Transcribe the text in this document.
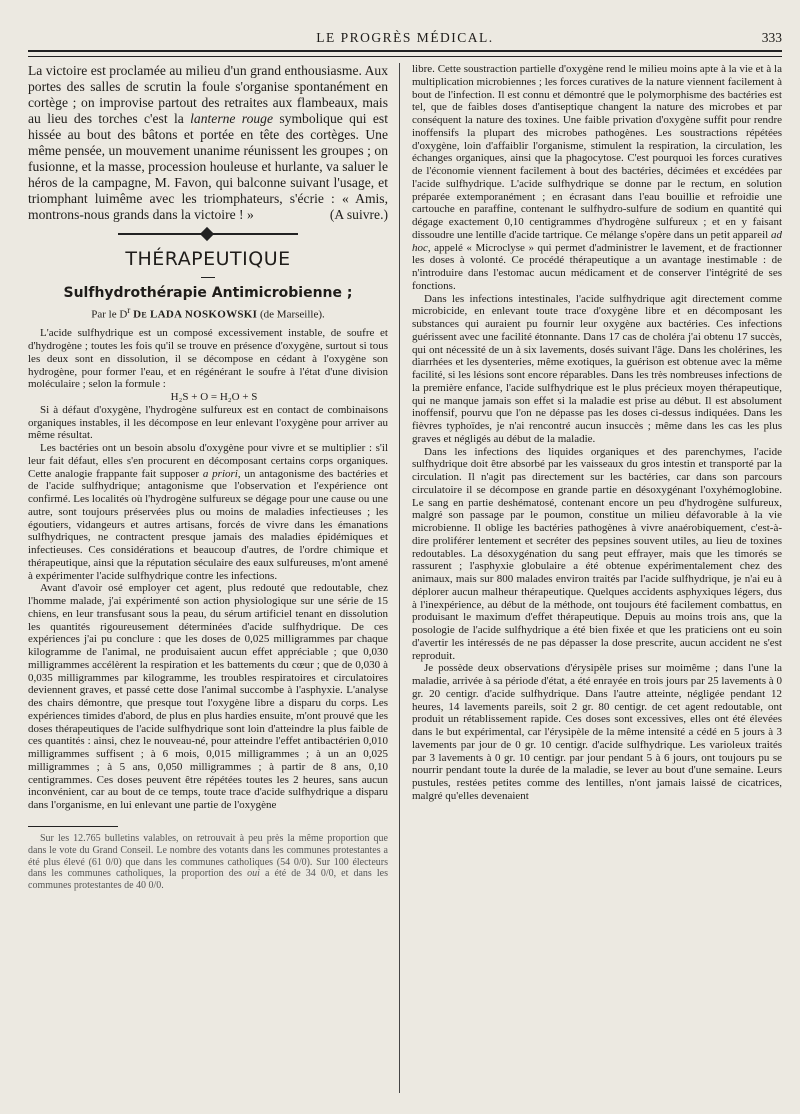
LE PROGRÈS MÉDICAL.	333

La victoire est proclamée au milieu d'un grand enthousiasme. Aux portes des salles de scrutin la foule s'organise spontanément en cortège ; on improvise partout des retraites aux flambeaux, mais au lieu des torches c'est la lanterne rouge symbolique qui est hissée au bout des bâtons et portée en tête des cortèges. Une même pensée, un mouvement unanime réunissent les groupes ; on fusionne, et la masse, procession houleuse et hurlante, va saluer le héros de la campagne, M. Favon, qui balconne suivant l'usage, et triomphant luimême avec les triomphateurs, s'écrie : « Amis, montrons-nous grands dans la victoire ! »	(A suivre.)

THÉRAPEUTIQUE
Sulfhydrothérapie Antimicrobienne ;
Par le $D^r$ De LADA NOSKOWSKI (de Marseille).

L'acide sulfhydrique est un composé excessivement instable, de soufre et d'hydrogène ; toutes les fois qu'il se trouve en présence d'oxygène, surtout si tous les deux sont en dissolution, il se décompose en cédant à l'oxygène son hydrogène, pour former l'eau, et en régénérant le soufre à l'état d'une division moléculaire ; selon la formule :

H₂S + O = H₂O + S

Si à défaut d'oxygène, l'hydrogène sulfureux est en contact de combinaisons organiques instables, il les décompose en leur enlevant l'oxygène pour arriver au même résultat.

Les bactéries ont un besoin absolu d'oxygène pour vivre et se multiplier : s'il leur fait défaut, elles s'en procurent en décomposant certains corps organiques. Cette analogie frappante fait supposer a priori, un antagonisme des bactéries et de l'acide sulfhydrique; antagonisme que l'observation et l'expérience ont confirmé. Les localités où l'hydrogène sulfureux se dégage pour une cause ou une autre, sont toujours préservées plus ou moins de maladies infectieuses ; les égoutiers, vidangeurs et autres artisans, forcés de vivre dans les émanations sulfhydriques, ne contractent presque jamais des maladies épidémiques et infectieuses. Ces considérations et beaucoup d'autres, de l'ordre chimique et thérapeutique, ainsi que la réputation séculaire des eaux sulfureuses, m'ont amené à expérimenter l'acide sulfhydrique contre les infections.

Avant d'avoir osé employer cet agent, plus redouté que redoutable, chez l'homme malade, j'ai expérimenté son action physiologique sur une série de 15 chiens, en leur transfusant sous la peau, du sérum artificiel tenant en dissolution les quantités rigoureusement déterminées d'acide sulfhydrique. De ces expériences j'ai pu conclure : que les doses de 0,025 milligrammes par chaque kilogramme de l'animal, ne produisaient aucun effet appréciable ; que 0,030 milligrammes accélèrent la respiration et les battements du cœur ; que de 0,030 à 0,035 milligrammes par kilogramme, les troubles respiratoires et circulatoires deviennent graves, et passé cette dose l'animal succombe à l'asphyxie. L'analyse des chairs démontre, que presque tout l'oxygène libre a disparu du corps. Les expériences timides d'abord, de plus en plus hardies ensuite, m'ont prouvé que les doses thérapeutiques de l'acide sulfhydrique sont loin d'atteindre la plus faible de ces quantités : ainsi, chez le nouveau-né, pour atteindre l'effet antibactérien 0,010 milligrammes suffisent ; à 6 mois, 0,015 milligrammes ; à un an 0,025 milligrammes ; à 5 ans, 0,050 milligrammes ; à partir de 8 ans, 0,10 centigrammes. Ces doses peuvent être répétées toutes les 2 heures, sans aucun inconvénient, car au bout de ce temps, toute trace d'acide sulfhydrique a disparu dans l'organisme, en lui enlevant une partie de l'oxygène

Sur les 12.765 bulletins valables, on retrouvait à peu près la même proportion que dans le vote du Grand Conseil. Le nombre des votants dans les communes protestantes a été plus élevé (61 0/0) que dans les communes catholiques (54 0/0). Sur 100 électeurs dans les communes catholiques, la proportion des oui a été de 34 0/0, et dans les communes protestantes de 40 0/0.

libre. Cette soustraction partielle d'oxygène rend le milieu moins apte à la vie et à la multiplication microbiennes ; les forces curatives de la nature viennent facilement à bout de l'infection. Il est connu et démontré que le polymorphisme des bactéries est tel, que de faibles doses d'antiseptique changent la nature des microbes et par conséquent la nature des toxines. Une faible privation d'oxygène suffit pour rendre inoffensifs la plupart des microbes pathogènes. Les soustractions répétées d'oxygène, loin d'affaiblir l'organisme, stimulent la respiration, la circulation, les échanges organiques, ainsi que la phagocytose. C'est pourquoi les forces curatives de l'économie viennent facilement à bout des bactéries, décimées et excédées par l'acide sulfhydrique. L'acide sulfhydrique se donne par le rectum, en solution préparée extemporanément ; en écrasant dans l'eau bouillie et refroidie une cartouche en paraffine, contenant le sulfhydro-sulfure de sodium en quantité qui dégage exactement 0,10 centigrammes d'hydrogène sulfureux ; et en y faisant dissoudre une lentille d'acide tartrique. Ce mélange s'opère dans un petit appareil ad hoc, appelé « Microclyse » qui permet d'administrer le lavement, et de fractionner les doses à volonté. Ce procédé thérapeutique a un avantage inestimable : de n'introduire dans l'estomac aucun médicament et de conserver l'intégrité de ses fonctions.

Dans les infections intestinales, l'acide sulfhydrique agit directement comme microbicide, en enlevant toute trace d'oxygène libre et en décomposant les substances qui auraient pu fournir leur oxygène aux bactéries. Ces infections guérissent avec une facilité étonnante. Dans 17 cas de choléra j'ai obtenu 17 succès, qui ont nécessité de un à six lavements, dosés suivant l'âge. Dans les cholérines, les diarrhées et les dysenteries, même exotiques, la guérison est obtenue avec la même facilité, si les lésions sont encore réparables. Dans les très nombreuses infections de la première enfance, l'acide sulfhydrique est le plus précieux moyen thérapeutique, qui ne manque jamais son effet si la maladie est prise au début. Il est absolument inoffensif, pourvu que l'on ne dépasse pas les doses ci-dessus indiquées. Dans les fièvres typhoïdes, je n'ai rencontré aucun insuccès ; même dans les cas les plus graves et négligés au début de la maladie.

Dans les infections des liquides organiques et des parenchymes, l'acide sulfhydrique doit être absorbé par les vaisseaux du gros intestin et transporté par la circulation. Il n'agit pas directement sur les bactéries, car dans son parcours circulatoire il se décompose en grande partie en désoxygénant l'oxyhémoglobine. Le sang en partie deshématosé, contenant encore un peu d'hydrogène sulfureux, malgré son passage par le poumon, constitue un milieu défavorable à la vie microbienne. Il oblige les bactéries pathogènes à vivre anaérobiquement, c'est-à-dire proliférer lentement et secréter des pepsines souvent utiles, au lieu de toxines redoutables. La désoxygénation du sang peut effrayer, mais que les timorés se rassurent ; l'asphyxie globulaire a été obtenue expérimentalement chez des animaux, mais sur 800 malades environ traités par l'acide sulfhydrique, je n'ai eu à déplorer aucun malheur thérapeutique. Quelques accidents asphyxiques légers, dus à l'inexpérience, au début de la méthode, ont toujours été facilement combattus, en produisant le maximum d'effet thérapeutique. Depuis au moins trois ans, que la posologie de l'acide sulfhydrique a été bien fixée et que les praticiens ont eu soin d'avertir les intéressés de ne pas dépasser la dose prescrite, aucun accident ne s'est reproduit.

Je possède deux observations d'érysipèle prises sur moimême ; dans l'une la maladie, arrivée à sa période d'état, a été enrayée en trois jours par 25 lavements à 0 gr. 20 centigr. d'acide sulfhydrique. Dans l'autre atteinte, négligée pendant 12 heures, 14 lavements pareils, soit 2 gr. 80 centigr. de cet agent redoutable, ont produit un rétablissement rapide. Ces doses sont excessives, elles ont été élevées dans le but expérimental, car l'érysipèle de la même intensité a cédé en 5 jours à 3 lavements par jour de 0 gr. 10 centigr. d'acide sulfhydrique. Les varioleux traités par 3 lavements à 0 gr. 10 centigr. par jour pendant 5 à 6 jours, ont toujours pu se nourrir pendant toute la durée de la maladie, se lever au bout d'une semaine. Leurs pustules, restées petites comme des lentilles, n'ont jamais laissé de cicatrices, malgré qu'elles devenaient
